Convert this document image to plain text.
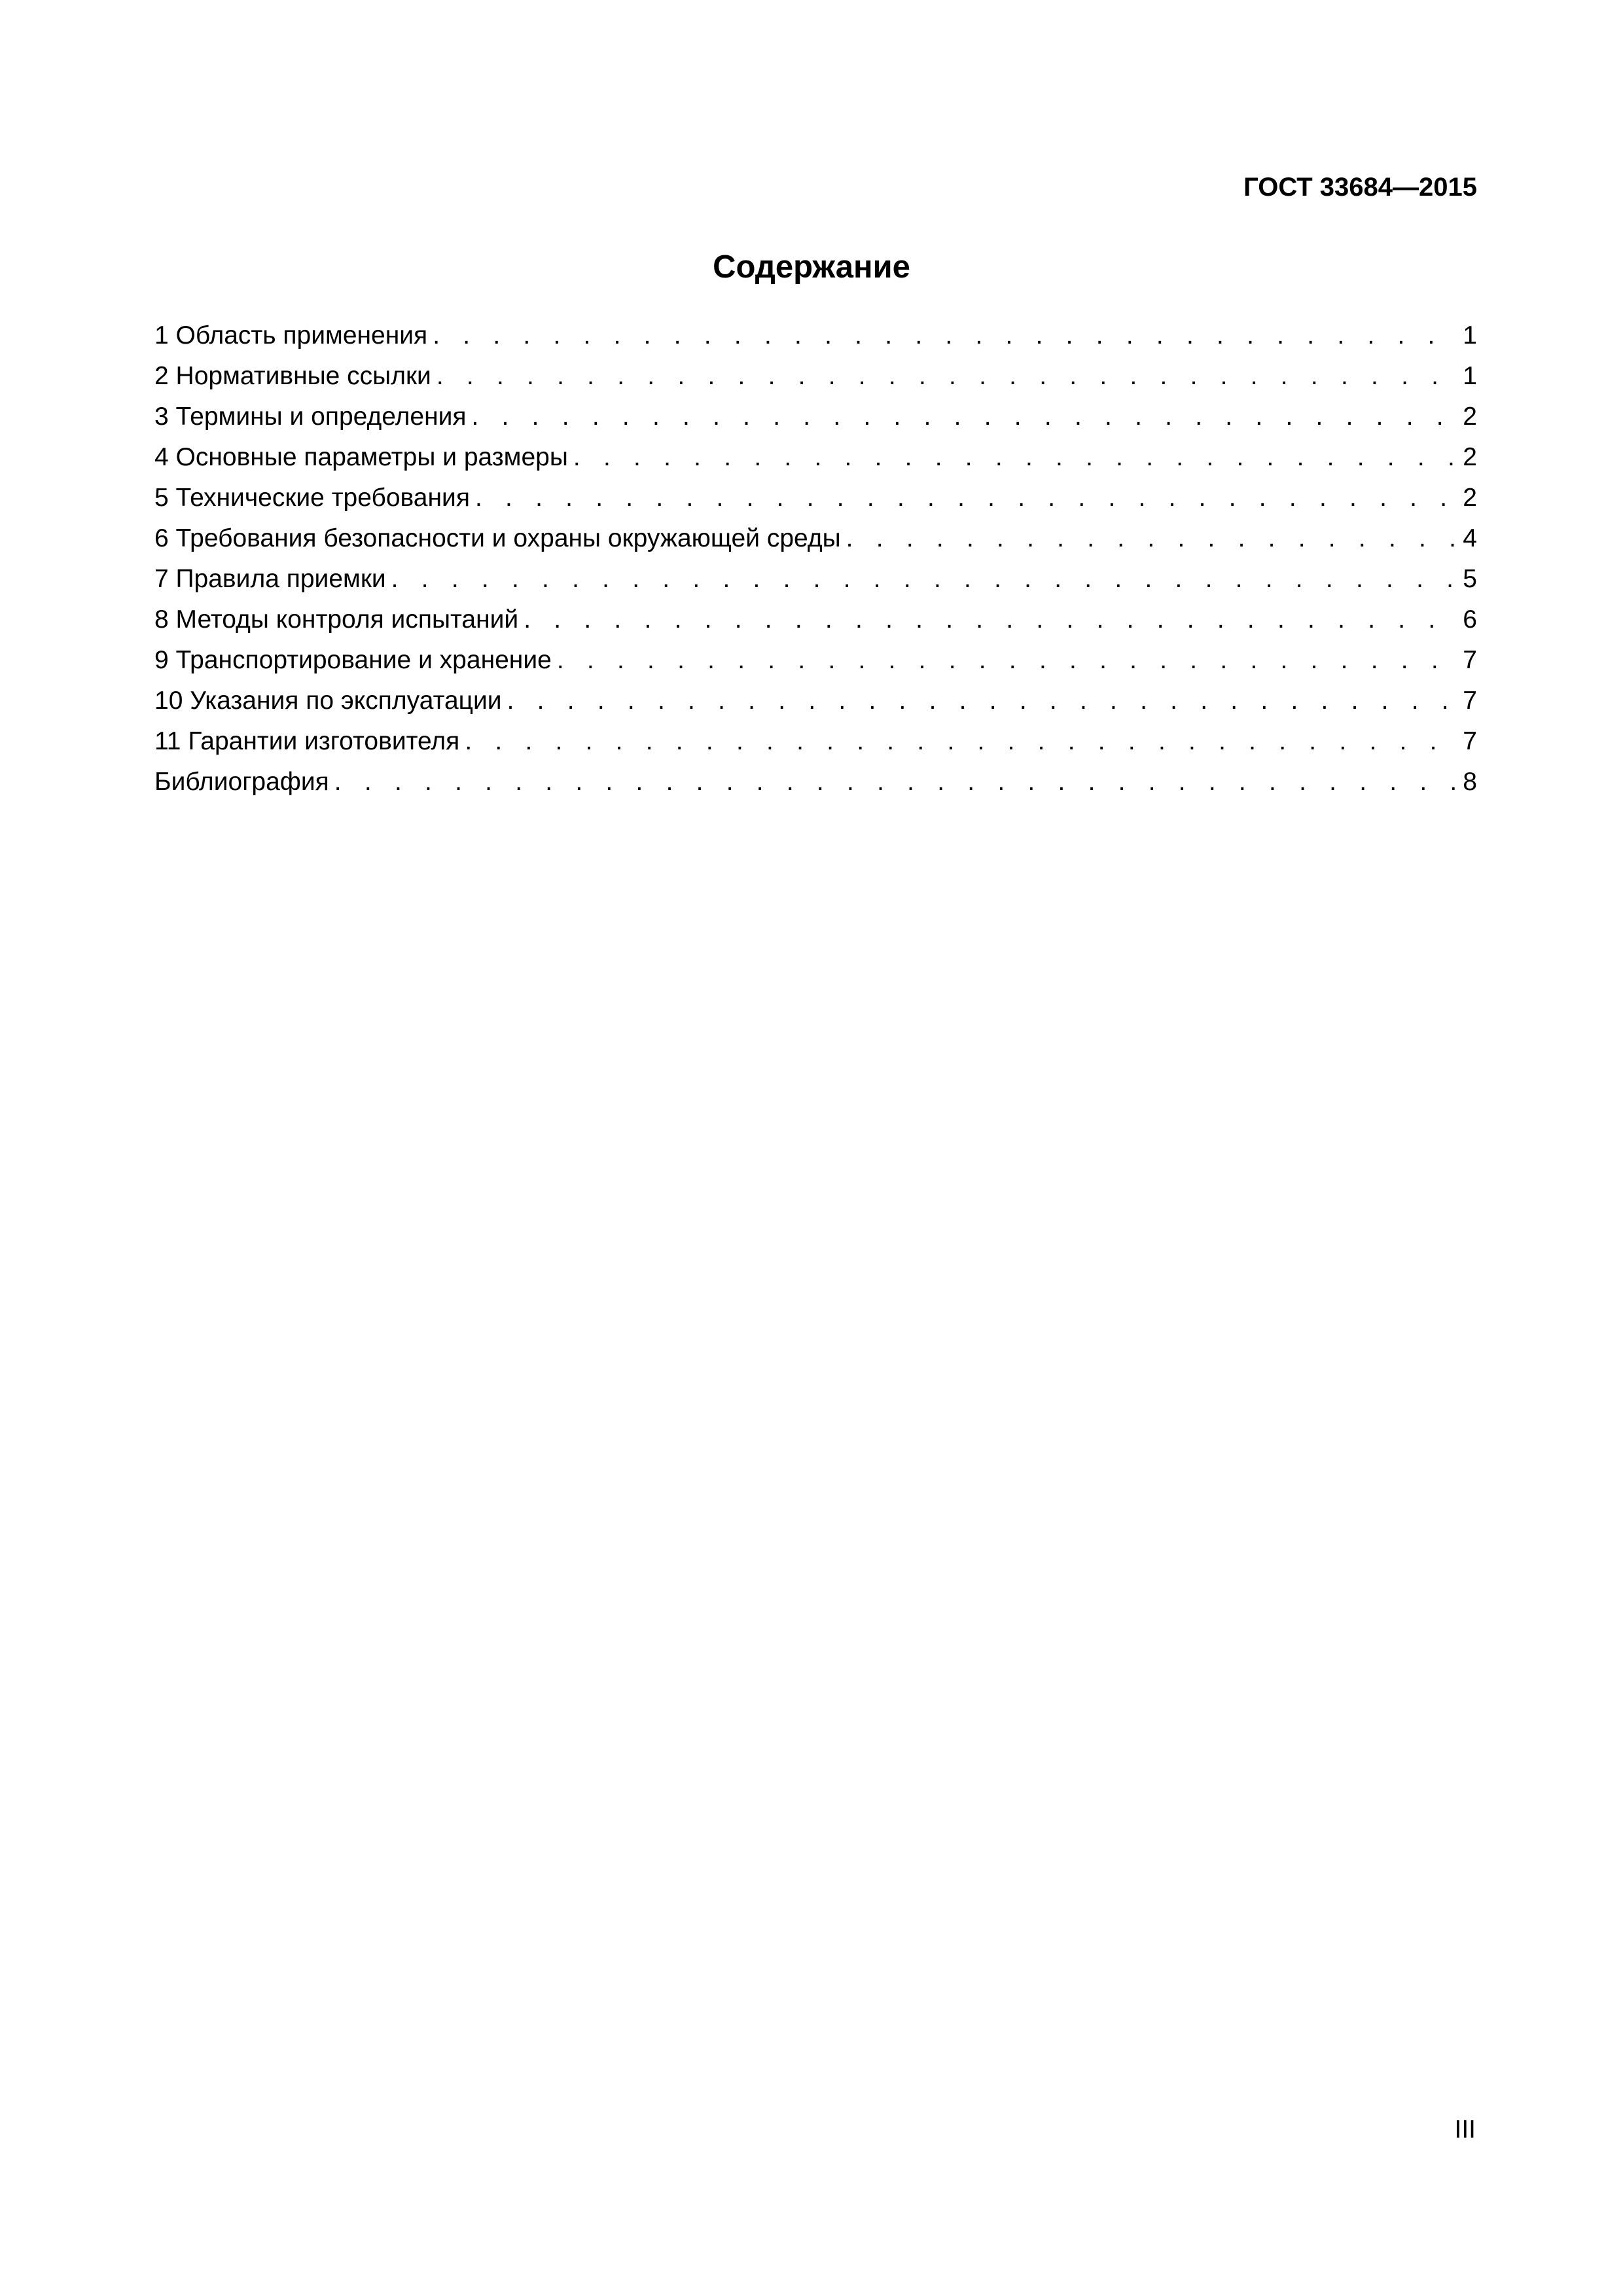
ГОСТ 33684—2015
Содержание
1 Область применения . . .	1
2 Нормативные ссылки . . .	1
3 Термины и определения . . .	2
4 Основные параметры и размеры . . .	2
5 Технические требования . . .	2
6 Требования безопасности и охраны окружающей среды . . .	4
7 Правила приемки . . .	5
8 Методы контроля испытаний . . .	6
9 Транспортирование и хранение . . .	7
10 Указания по эксплуатации . . .	7
11 Гарантии изготовителя . . .	7
Библиография . . .	8
III
